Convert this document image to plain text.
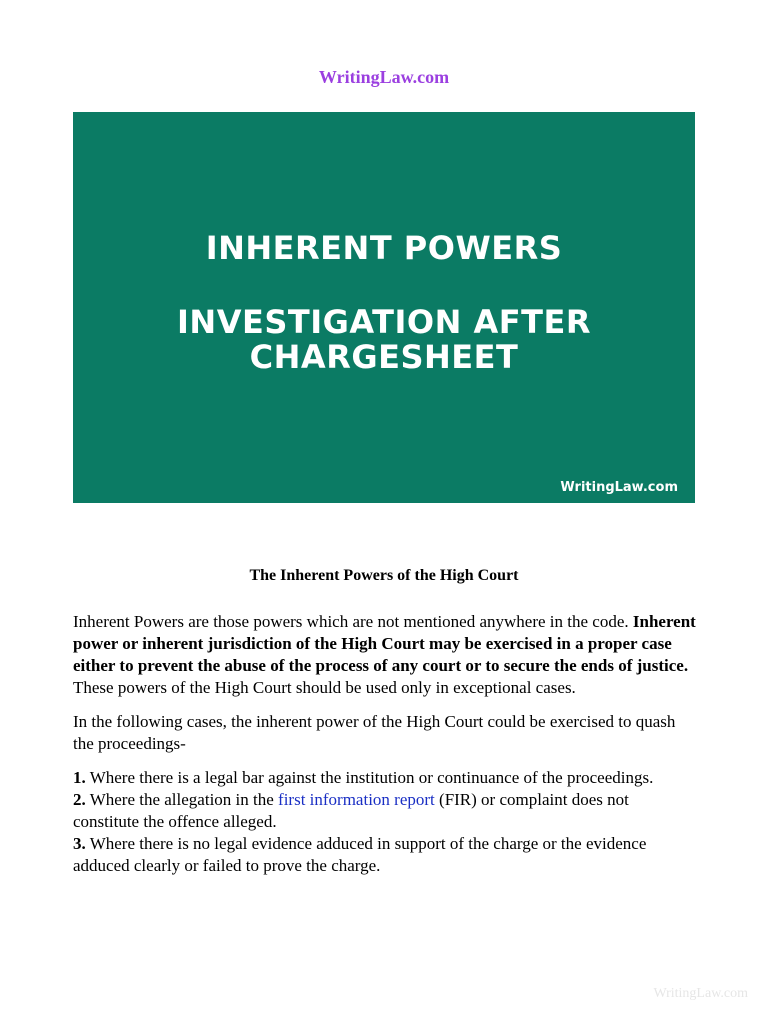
WritingLaw.com
INHERENT POWERS
INVESTIGATION AFTER
CHARGESHEET
WritingLaw.com
The Inherent Powers of the High Court

Inherent Powers are those powers which are not mentioned anywhere in the code. Inherent power or inherent jurisdiction of the High Court may be exercised in a proper case either to prevent the abuse of the process of any court or to secure the ends of justice. These powers of the High Court should be used only in exceptional cases.

In the following cases, the inherent power of the High Court could be exercised to quash the proceedings-

1. Where there is a legal bar against the institution or continuance of the proceedings.
2. Where the allegation in the first information report (FIR) or complaint does not constitute the offence alleged.
3. Where there is no legal evidence adduced in support of the charge or the evidence adduced clearly or failed to prove the charge.

WritingLaw.com
